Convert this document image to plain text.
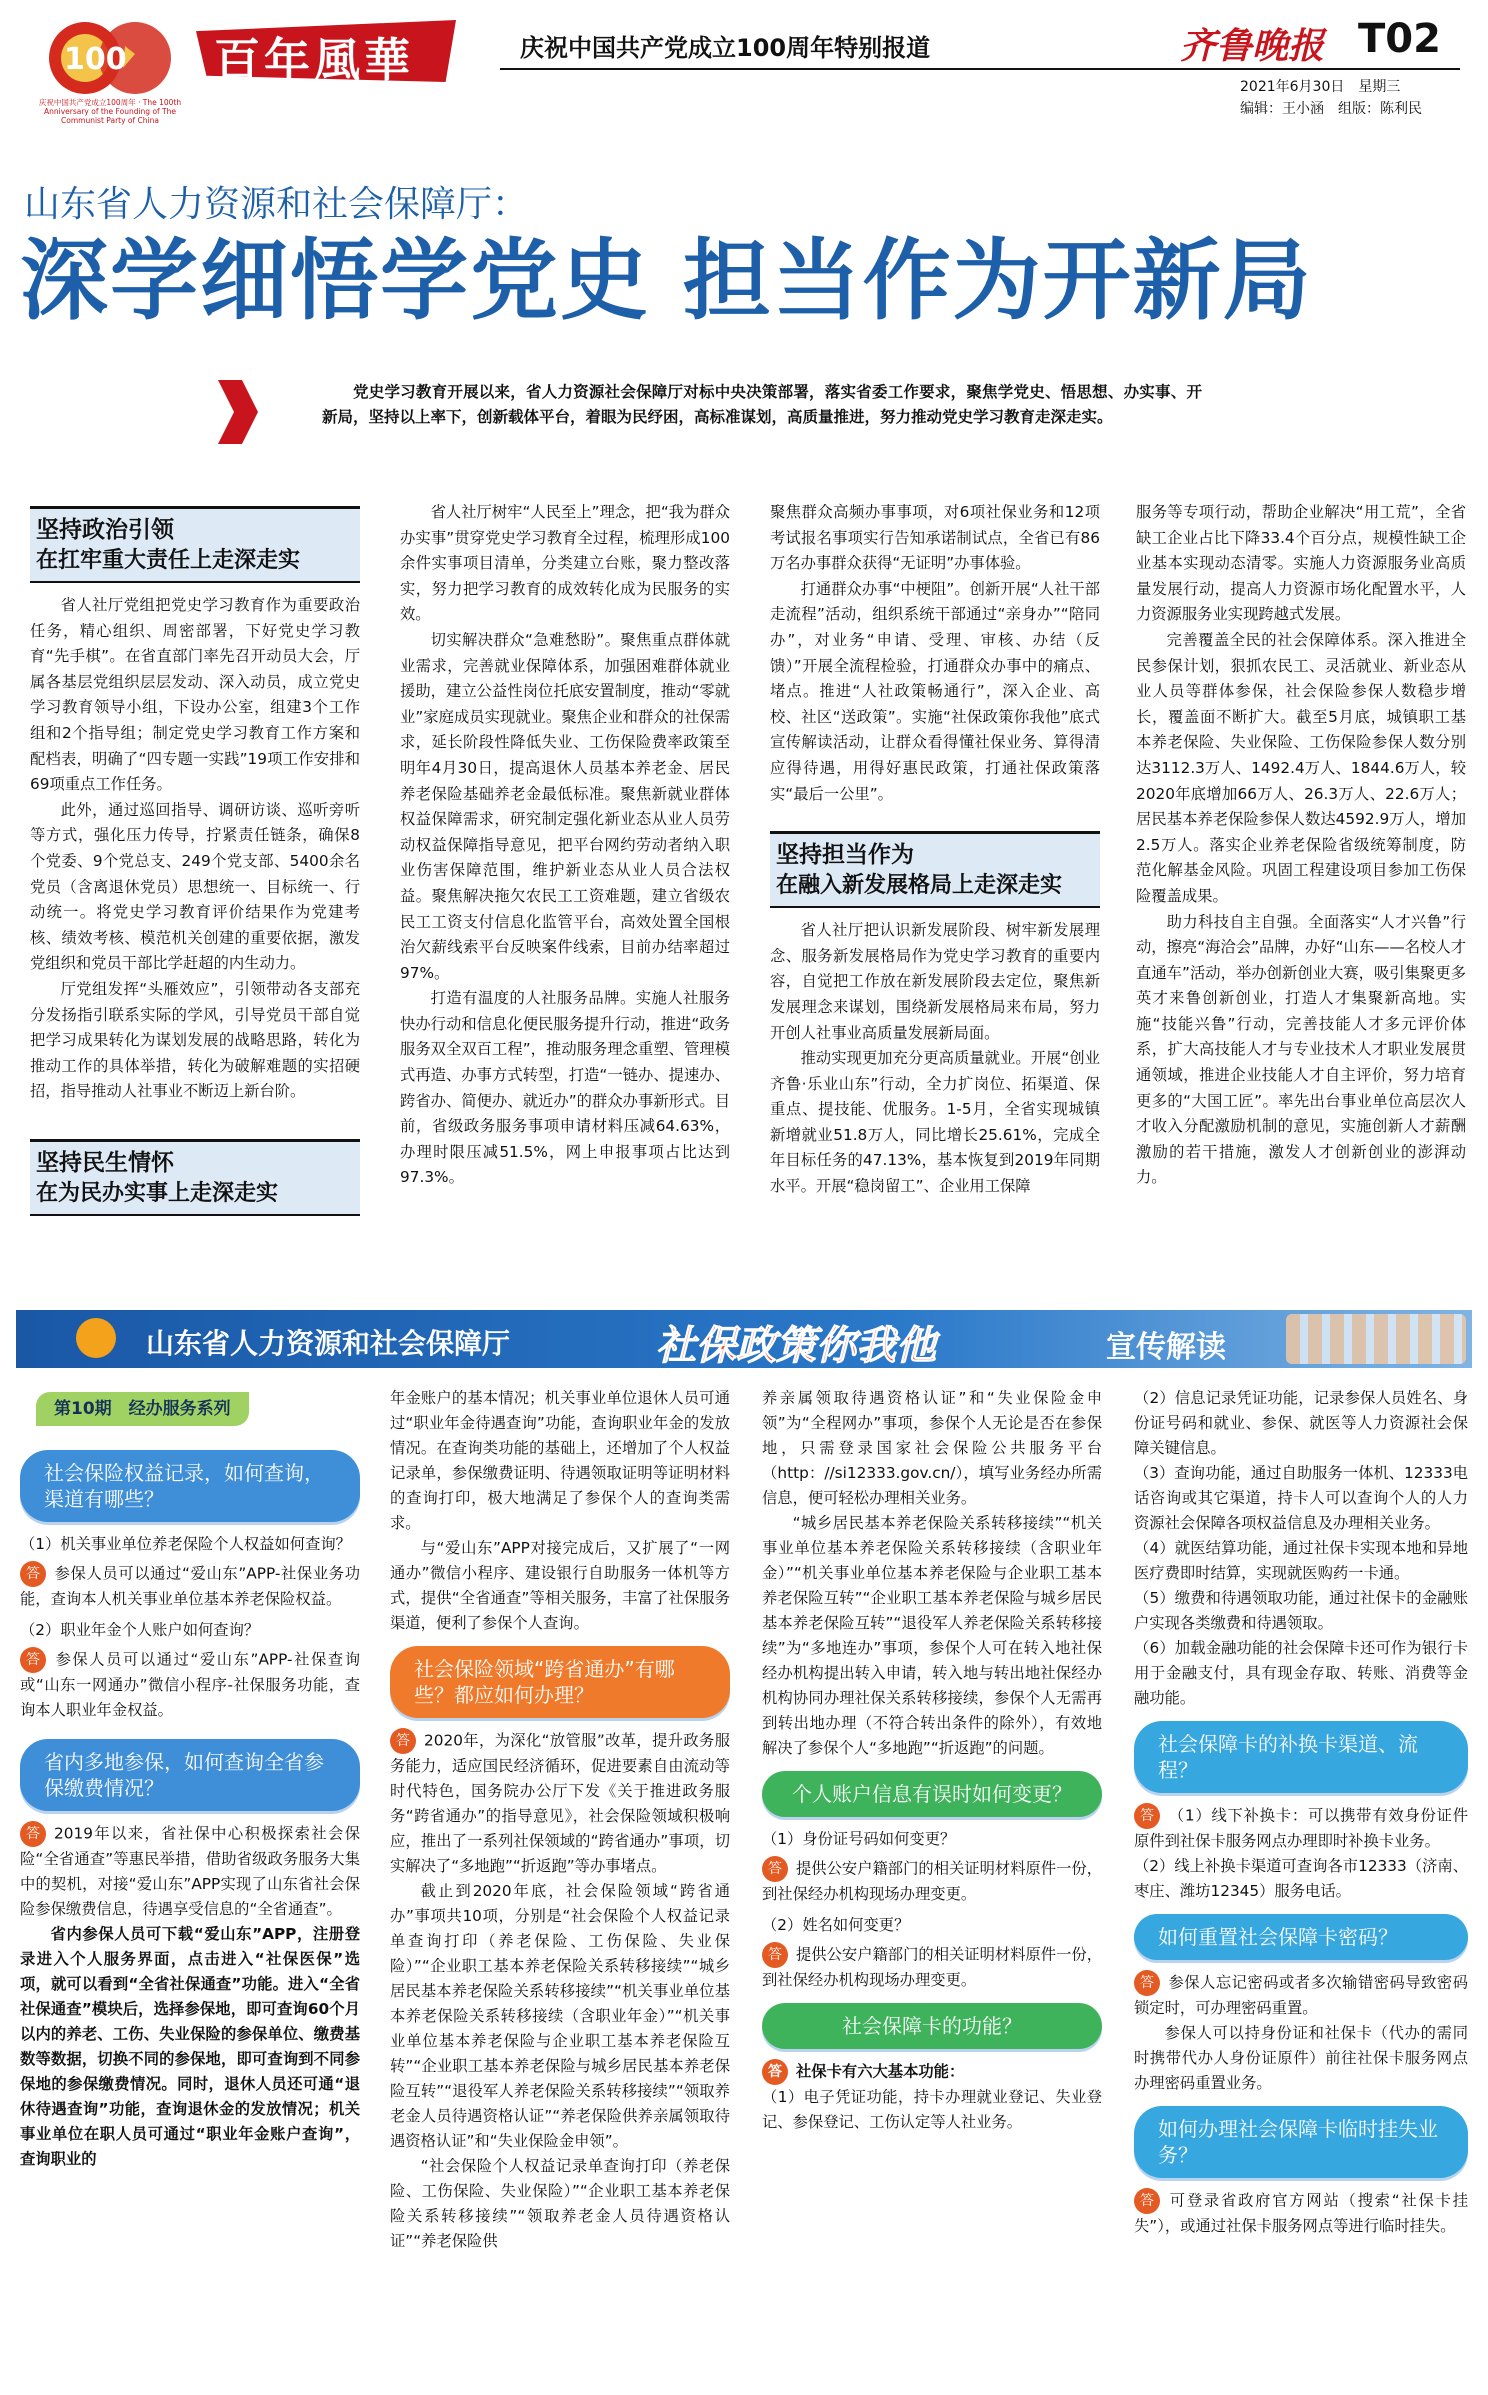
100
庆祝中国共产党成立100周年 · The 100th Anniversary of the Founding of The Communist Party of China
百年風華	庆祝中国共产党成立100周年特别报道	齐鲁晚报 T02
2021年6月30日　星期三
编辑：王小涵　组版：陈利民
山东省人力资源和社会保障厅：
深学细悟学党史 担当作为开新局
党史学习教育开展以来，省人力资源社会保障厅对标中央决策部署，落实省委工作要求，聚焦学党史、悟思想、办实事、开新局，坚持以上率下，创新载体平台，着眼为民纾困，高标准谋划，高质量推进，努力推动党史学习教育走深走实。
坚持政治引领
在扛牢重大责任上走深走实

省人社厅党组把党史学习教育作为重要政治任务，精心组织、周密部署，下好党史学习教育“先手棋”。在省直部门率先召开动员大会，厅属各基层党组织层层发动、深入动员，成立党史学习教育领导小组，下设办公室，组建3个工作组和2个指导组；制定党史学习教育工作方案和配档表，明确了“四专题一实践”19项工作安排和69项重点工作任务。

此外，通过巡回指导、调研访谈、巡听旁听等方式，强化压力传导，拧紧责任链条，确保8个党委、9个党总支、249个党支部、5400余名党员（含离退休党员）思想统一、目标统一、行动统一。将党史学习教育评价结果作为党建考核、绩效考核、模范机关创建的重要依据，激发党组织和党员干部比学赶超的内生动力。

厅党组发挥“头雁效应”，引领带动各支部充分发扬指引联系实际的学风，引导党员干部自觉把学习成果转化为谋划发展的战略思路，转化为推动工作的具体举措，转化为破解难题的实招硬招，指导推动人社事业不断迈上新台阶。

坚持民生情怀
在为民办实事上走深走实

省人社厅树牢“人民至上”理念，把“我为群众办实事”贯穿党史学习教育全过程，梳理形成100余件实事项目清单，分类建立台账，聚力整改落实，努力把学习教育的成效转化成为民服务的实效。

切实解决群众“急难愁盼”。聚焦重点群体就业需求，完善就业保障体系，加强困难群体就业援助，建立公益性岗位托底安置制度，推动“零就业”家庭成员实现就业。聚焦企业和群众的社保需求，延长阶段性降低失业、工伤保险费率政策至明年4月30日，提高退休人员基本养老金、居民养老保险基础养老金最低标准。聚焦新就业群体权益保障需求，研究制定强化新业态从业人员劳动权益保障指导意见，把平台网约劳动者纳入职业伤害保障范围，维护新业态从业人员合法权益。聚焦解决拖欠农民工工资难题，建立省级农民工工资支付信息化监管平台，高效处置全国根治欠薪线索平台反映案件线索，目前办结率超过97%。

打造有温度的人社服务品牌。实施人社服务快办行动和信息化便民服务提升行动，推进“政务服务双全双百工程”，推动服务理念重塑、管理模式再造、办事方式转型，打造“一链办、提速办、跨省办、简便办、就近办”的群众办事新形式。目前，省级政务服务事项申请材料压减64.63%，办理时限压减51.5%，网上申报事项占比达到97.3%。

聚焦群众高频办事事项，对6项社保业务和12项考试报名事项实行告知承诺制试点，全省已有86万名办事群众获得“无证明”办事体验。

打通群众办事“中梗阻”。创新开展“人社干部走流程”活动，组织系统干部通过“亲身办”“陪同办”，对业务“申请、受理、审核、办结（反馈）”开展全流程检验，打通群众办事中的痛点、堵点。推进“人社政策畅通行”，深入企业、高校、社区“送政策”。实施“社保政策你我他”底式宣传解读活动，让群众看得懂社保业务、算得清应得待遇，用得好惠民政策，打通社保政策落实“最后一公里”。

坚持担当作为
在融入新发展格局上走深走实

省人社厅把认识新发展阶段、树牢新发展理念、服务新发展格局作为党史学习教育的重要内容，自觉把工作放在新发展阶段去定位，聚焦新发展理念来谋划，围绕新发展格局来布局，努力开创人社事业高质量发展新局面。

推动实现更加充分更高质量就业。开展“创业齐鲁·乐业山东”行动，全力扩岗位、拓渠道、保重点、提技能、优服务。1-5月，全省实现城镇新增就业51.8万人，同比增长25.61%，完成全年目标任务的47.13%，基本恢复到2019年同期水平。开展“稳岗留工”、企业用工保障

服务等专项行动，帮助企业解决“用工荒”，全省缺工企业占比下降33.4个百分点，规模性缺工企业基本实现动态清零。实施人力资源服务业高质量发展行动，提高人力资源市场化配置水平，人力资源服务业实现跨越式发展。

完善覆盖全民的社会保障体系。深入推进全民参保计划，狠抓农民工、灵活就业、新业态从业人员等群体参保，社会保险参保人数稳步增长，覆盖面不断扩大。截至5月底，城镇职工基本养老保险、失业保险、工伤保险参保人数分别达3112.3万人、1492.4万人、1844.6万人，较2020年底增加66万人、26.3万人、22.6万人；居民基本养老保险参保人数达4592.9万人，增加2.5万人。落实企业养老保险省级统筹制度，防范化解基金风险。巩固工程建设项目参加工伤保险覆盖成果。

助力科技自主自强。全面落实“人才兴鲁”行动，擦亮“海洽会”品牌，办好“山东——名校人才直通车”活动，举办创新创业大赛，吸引集聚更多英才来鲁创新创业，打造人才集聚新高地。实施“技能兴鲁”行动，完善技能人才多元评价体系，扩大高技能人才与专业技术人才职业发展贯通领域，推进企业技能人才自主评价，努力培育更多的“大国工匠”。率先出台事业单位高层次人才收入分配激励机制的意见，实施创新人才薪酬激励的若干措施，激发人才创新创业的澎湃动力。

山东省人力资源和社会保障厅	社保政策你我他	宣传解读
第10期　经办服务系列
社会保险权益记录，如何查询，渠道有哪些？
（1）机关事业单位养老保险个人权益如何查询？

答 参保人员可以通过“爱山东”APP-社保业务功能，查询本人机关事业单位基本养老保险权益。

（2）职业年金个人账户如何查询？

答 参保人员可以通过“爱山东”APP-社保查询或“山东一网通办”微信小程序-社保服务功能，查询本人职业年金权益。

省内多地参保，如何查询全省参保缴费情况？

答 2019年以来，省社保中心积极探索社会保险“全省通查”等惠民举措，借助省级政务服务大集中的契机，对接“爱山东”APP实现了山东省社会保险参保缴费信息，待遇享受信息的“全省通查”。

省内参保人员可下载“爱山东”APP，注册登录进入个人服务界面，点击进入“社保医保”选项，就可以看到“全省社保通查”功能。进入“全省社保通查”模块后，选择参保地，即可查询60个月以内的养老、工伤、失业保险的参保单位、缴费基数等数据，切换不同的参保地，即可查询到不同参保地的参保缴费情况。同时，退休人员还可通“退休待遇查询”功能，查询退休金的发放情况；机关事业单位在职人员可通过“职业年金账户查询”，查询职业的

年金账户的基本情况；机关事业单位退休人员可通过“职业年金待遇查询”功能，查询职业年金的发放情况。在查询类功能的基础上，还增加了个人权益记录单，参保缴费证明、待遇领取证明等证明材料的查询打印，极大地满足了参保个人的查询类需求。

与“爱山东”APP对接完成后，又扩展了“一网通办”微信小程序、建设银行自助服务一体机等方式，提供“全省通查”等相关服务，丰富了社保服务渠道，便利了参保个人查询。

社会保险领域“跨省通办”有哪些？都应如何办理？

答 2020年，为深化“放管服”改革，提升政务服务能力，适应国民经济循环，促进要素自由流动等时代特色，国务院办公厅下发《关于推进政务服务“跨省通办”的指导意见》，社会保险领域积极响应，推出了一系列社保领域的“跨省通办”事项，切实解决了“多地跑”“折返跑”等办事堵点。

截止到2020年底，社会保险领域“跨省通办”事项共10项，分别是“社会保险个人权益记录单查询打印（养老保险、工伤保险、失业保险）”“企业职工基本养老保险关系转移接续”“城乡居民基本养老保险关系转移接续”“机关事业单位基本养老保险关系转移接续（含职业年金）”“机关事业单位基本养老保险与企业职工基本养老保险互转”“企业职工基本养老保险与城乡居民基本养老保险互转”“退役军人养老保险关系转移接续”“领取养老金人员待遇资格认证”“养老保险供养亲属领取待遇资格认证”和“失业保险金申领”。

“社会保险个人权益记录单查询打印（养老保险、工伤保险、失业保险）”“企业职工基本养老保险关系转移接续”“领取养老金人员待遇资格认证”“养老保险供

养亲属领取待遇资格认证”和“失业保险金申领”为“全程网办”事项，参保个人无论是否在参保地，只需登录国家社会保险公共服务平台（http：//si12333.gov.cn/），填写业务经办所需信息，便可轻松办理相关业务。

“城乡居民基本养老保险关系转移接续”“机关事业单位基本养老保险关系转移接续（含职业年金）”“机关事业单位基本养老保险与企业职工基本养老保险互转”“企业职工基本养老保险与城乡居民基本养老保险互转”“退役军人养老保险关系转移接续”为“多地连办”事项，参保个人可在转入地社保经办机构提出转入申请，转入地与转出地社保经办机构协同办理社保关系转移接续，参保个人无需再到转出地办理（不符合转出条件的除外），有效地解决了参保个人“多地跑”“折返跑”的问题。

个人账户信息有误时如何变更？
（1）身份证号码如何变更？

答 提供公安户籍部门的相关证明材料原件一份，到社保经办机构现场办理变更。

（2）姓名如何变更？

答 提供公安户籍部门的相关证明材料原件一份，到社保经办机构现场办理变更。

社会保障卡的功能？

答 社保卡有六大基本功能：

（1）电子凭证功能，持卡办理就业登记、失业登记、参保登记、工伤认定等人社业务。

（2）信息记录凭证功能，记录参保人员姓名、身份证号码和就业、参保、就医等人力资源社会保障关键信息。

（3）查询功能，通过自助服务一体机、12333电话咨询或其它渠道，持卡人可以查询个人的人力资源社会保障各项权益信息及办理相关业务。

（4）就医结算功能，通过社保卡实现本地和异地医疗费即时结算，实现就医购药一卡通。

（5）缴费和待遇领取功能，通过社保卡的金融账户实现各类缴费和待遇领取。

（6）加载金融功能的社会保障卡还可作为银行卡用于金融支付，具有现金存取、转账、消费等金融功能。

社会保障卡的补换卡渠道、流程？

答 （1）线下补换卡：可以携带有效身份证件原件到社保卡服务网点办理即时补换卡业务。

（2）线上补换卡渠道可查询各市12333（济南、枣庄、潍坊12345）服务电话。

如何重置社会保障卡密码？

答 参保人忘记密码或者多次输错密码导致密码锁定时，可办理密码重置。

参保人可以持身份证和社保卡（代办的需同时携带代办人身份证原件）前往社保卡服务网点办理密码重置业务。

如何办理社会保障卡临时挂失业务？

答 可登录省政府官方网站（搜索“社保卡挂失”），或通过社保卡服务网点等进行临时挂失。
